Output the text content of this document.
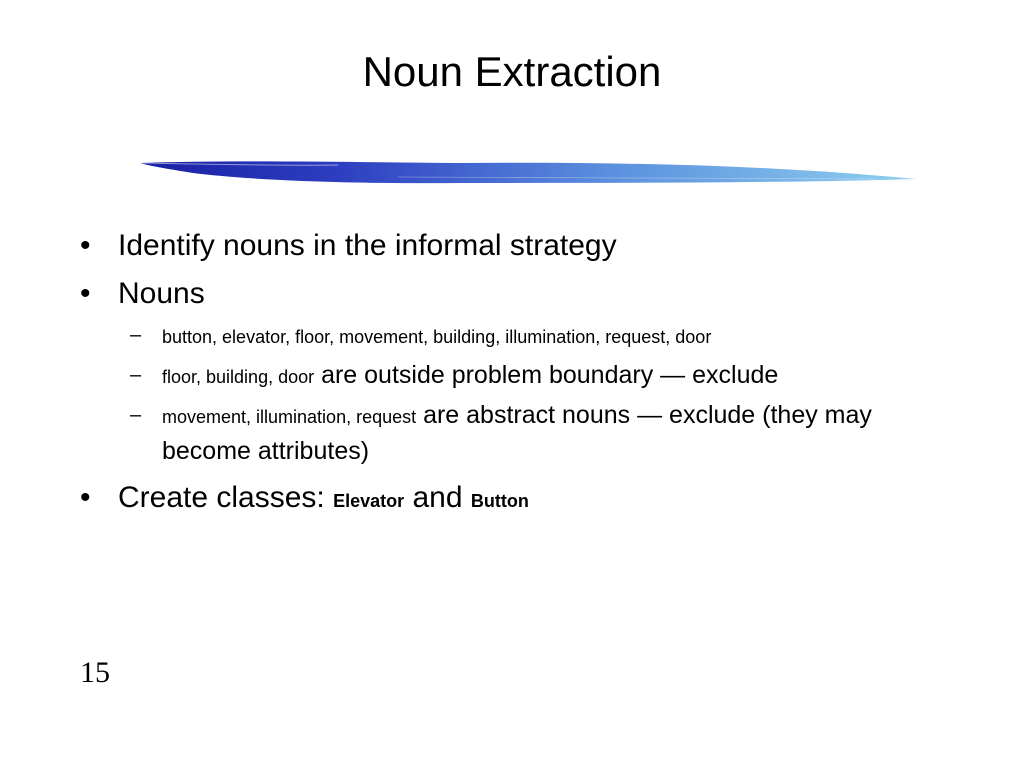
Noun Extraction
• Identify nouns in the informal strategy
• Nouns
– button, elevator, floor, movement, building, illumination, request, door
– floor, building, door are outside problem boundary — exclude
– movement, illumination, request are abstract nouns — exclude (they may become attributes)
• Create classes: Elevator and Button
15
